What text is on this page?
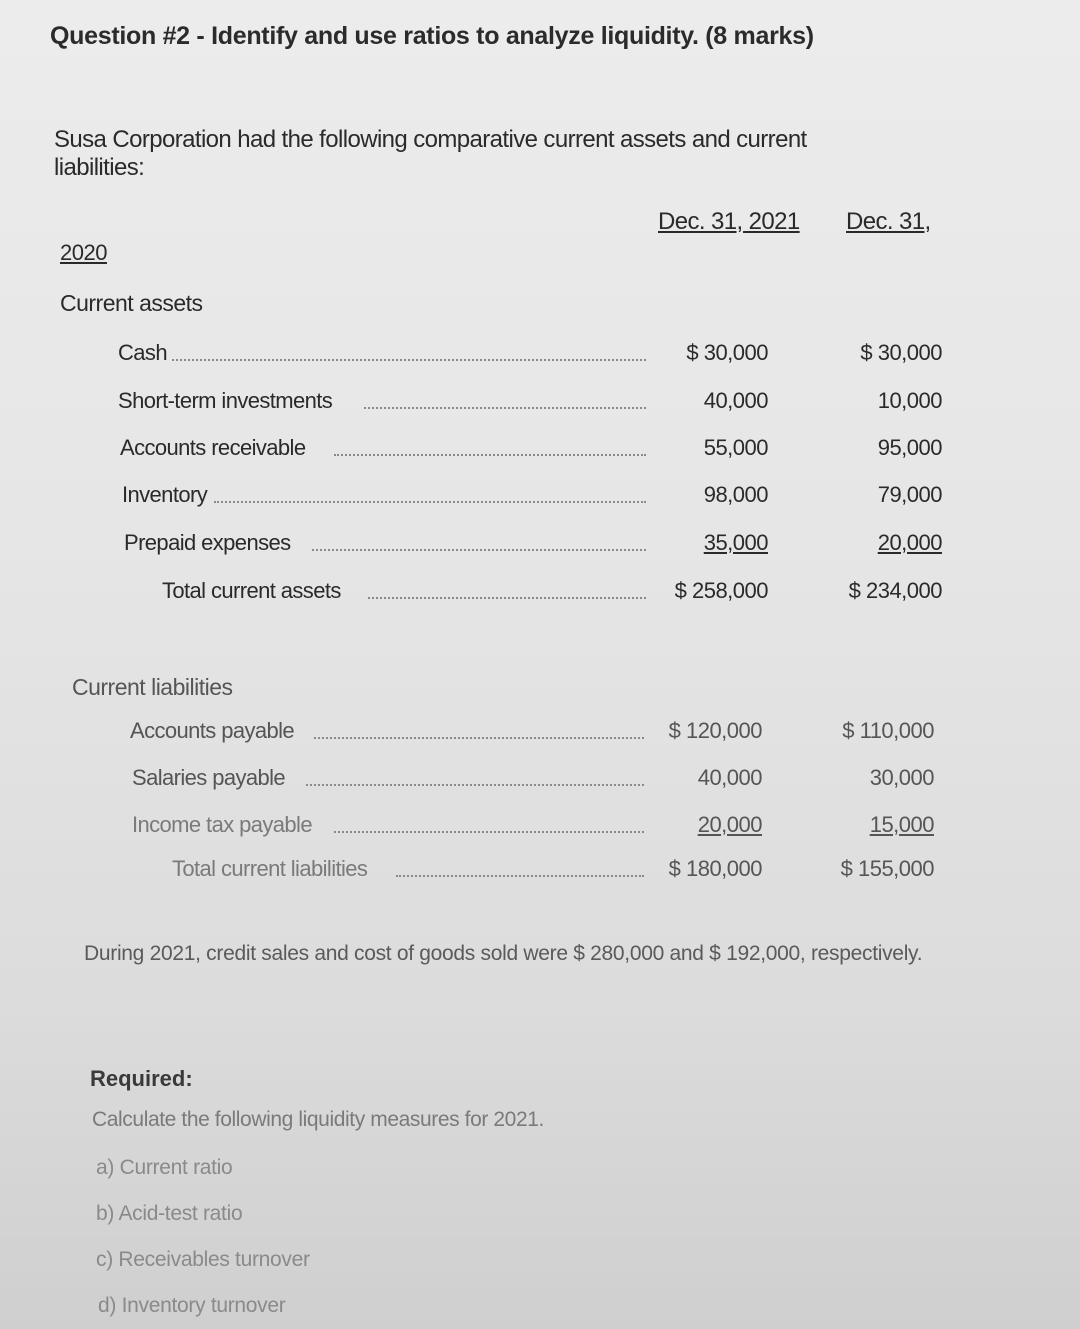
Question #2 - Identify and use ratios to analyze liquidity. (8 marks)
Susa Corporation had the following comparative current assets and current liabilities:
Dec. 31, 2021 Dec. 31,
2020
Current assets
Cash	$ 30,000	$ 30,000
Short-term investments	40,000	10,000
Accounts receivable	55,000	95,000
Inventory	98,000	79,000
Prepaid expenses	35,000	20,000
Total current assets	$ 258,000	$ 234,000
Current liabilities
Accounts payable	$ 120,000	$ 110,000
Salaries payable	40,000	30,000
Income tax payable	20,000	15,000
Total current liabilities	$ 180,000	$ 155,000
During 2021, credit sales and cost of goods sold were $ 280,000 and $ 192,000, respectively.
Required:
Calculate the following liquidity measures for 2021.
a) Current ratio
b) Acid-test ratio
c) Receivables turnover
d) Inventory turnover
